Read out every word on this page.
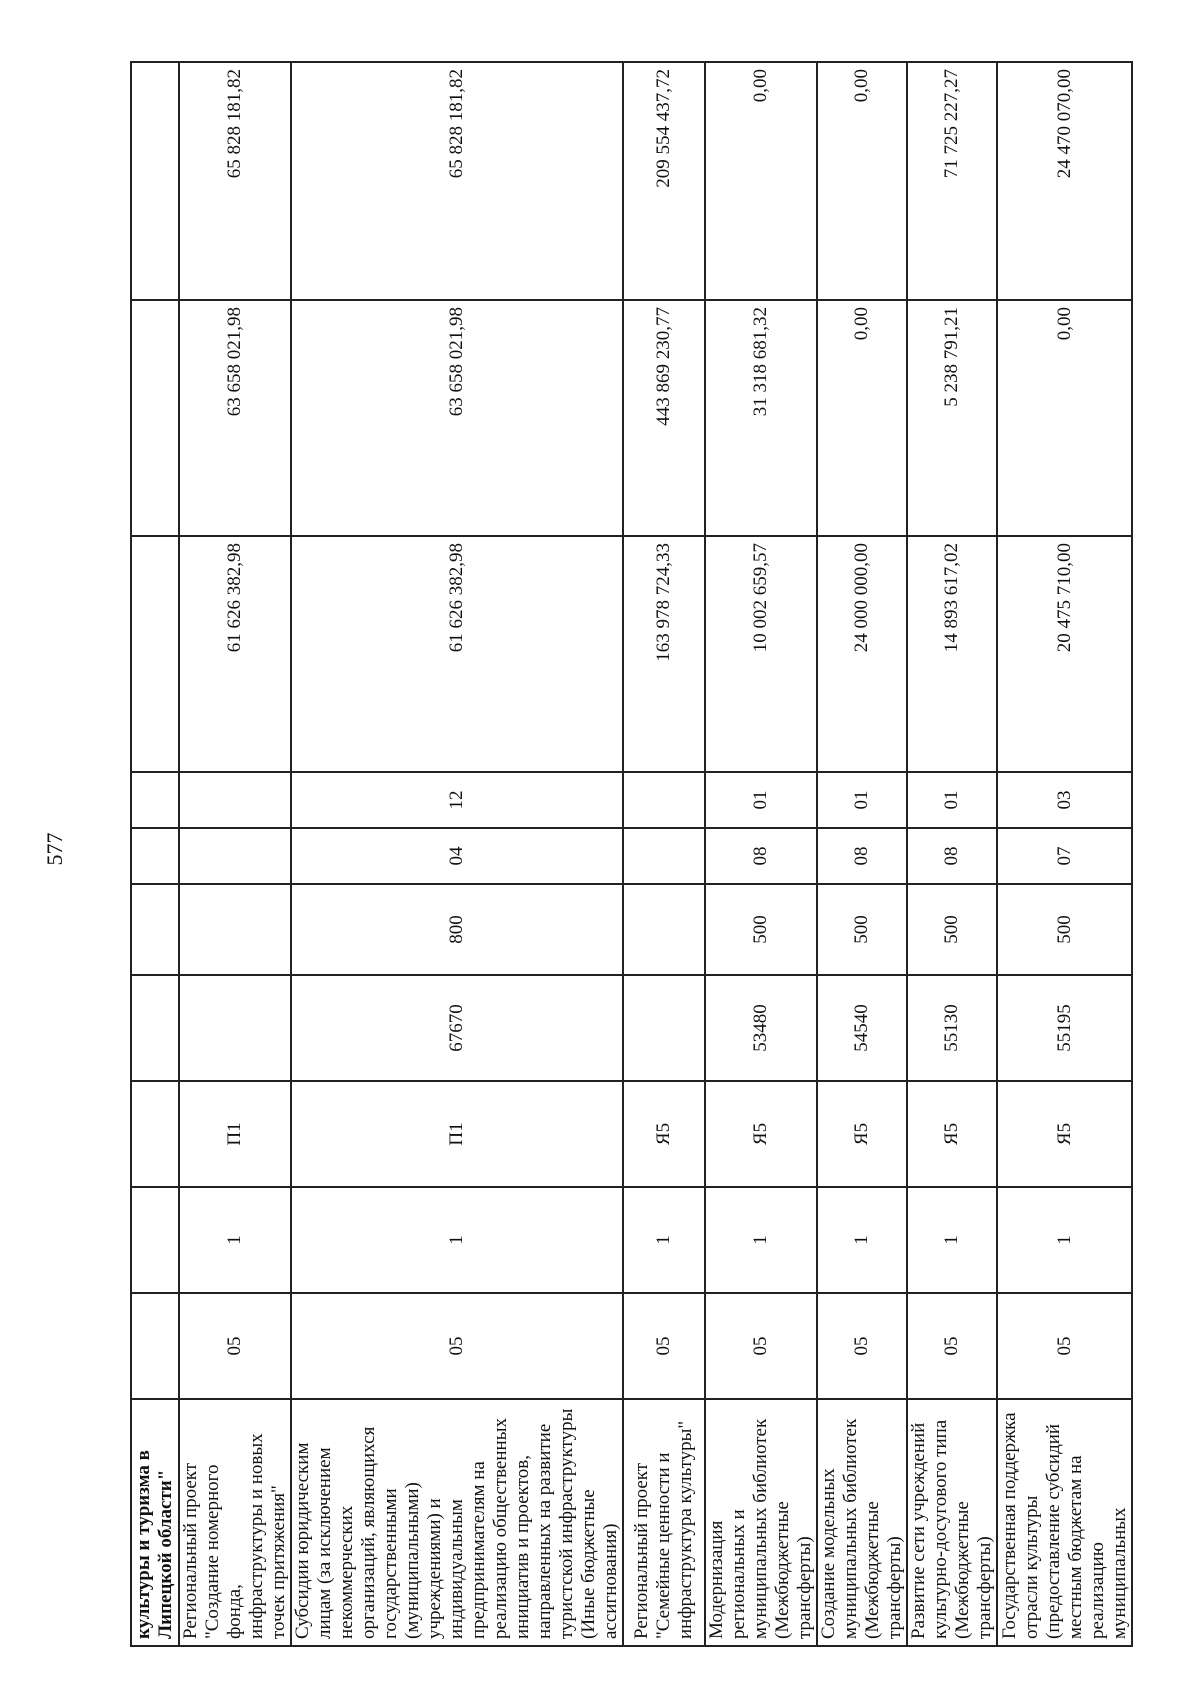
577
культуры и туризма в
Липецкой области"										
Региональный проект "Создание номерного фонда,
инфраструктуры и новых точек притяжения"	05	1	П1					61 626 382,98	63 658 021,98	65 828 181,82
Субсидии юридическим лицам (за исключением
некоммерческих организаций, являющихся государственными (муниципальными) учреждениями) и индивидуальным
предпринимателям на реализацию общественных инициатив и проектов, направленных на развитие туристской инфраструктуры (Иные бюджетные ассигнования)	05	1	П1	67670	800	04	12	61 626 382,98	63 658 021,98	65 828 181,82
Региональный проект "Семейные ценности и инфраструктура культуры"	05	1	Я5					163 978 724,33	443 869 230,77	209 554 437,72
Модернизация региональных и муниципальных библиотек (Межбюджетные трансферты)	05	1	Я5	53480	500	08	01	10 002 659,57	31 318 681,32	0,00
Создание модельных муниципальных библиотек (Межбюджетные трансферты)	05	1	Я5	54540	500	08	01	24 000 000,00	0,00	0,00
Развитие сети учреждений культурно-досугового типа (Межбюджетные трансферты)	05	1	Я5	55130	500	08	01	14 893 617,02	5 238 791,21	71 725 227,27
Государственная поддержка отрасли культуры (предоставление субсидий местным бюджетам на реализацию муниципальных	05	1	Я5	55195	500	07	03	20 475 710,00	0,00	24 470 070,00
